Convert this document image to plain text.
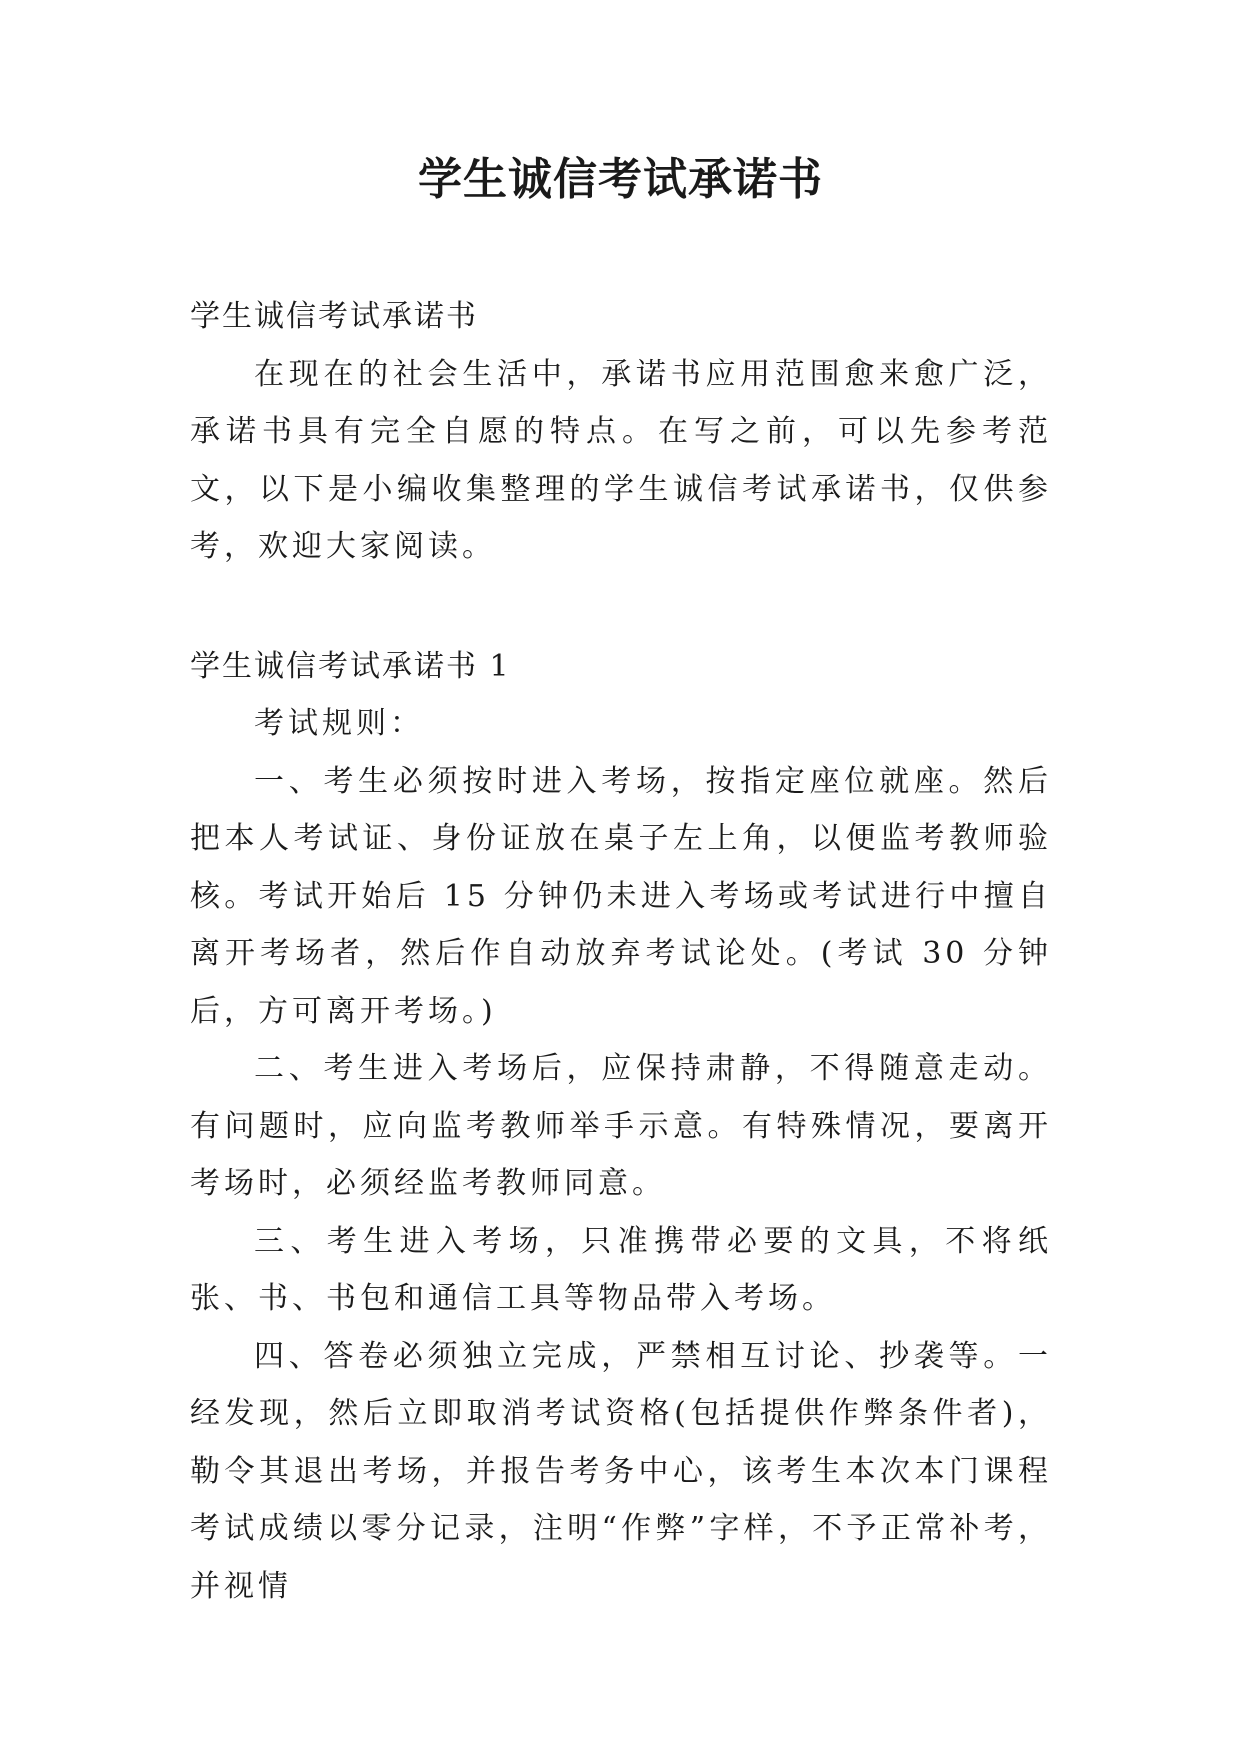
学生诚信考试承诺书

学生诚信考试承诺书

在现在的社会生活中，承诺书应用范围愈来愈广泛，承诺书具有完全自愿的特点。在写之前，可以先参考范文，以下是小编收集整理的学生诚信考试承诺书，仅供参考，欢迎大家阅读。

学生诚信考试承诺书 1

考试规则：

一、考生必须按时进入考场，按指定座位就座。然后把本人考试证、身份证放在桌子左上角，以便监考教师验核。考试开始后 15 分钟仍未进入考场或考试进行中擅自离开考场者，然后作自动放弃考试论处。(考试 30 分钟后，方可离开考场。)

二、考生进入考场后，应保持肃静，不得随意走动。有问题时，应向监考教师举手示意。有特殊情况，要离开考场时，必须经监考教师同意。

三、考生进入考场，只准携带必要的文具，不将纸张、书、书包和通信工具等物品带入考场。

四、答卷必须独立完成，严禁相互讨论、抄袭等。一经发现，然后立即取消考试资格(包括提供作弊条件者)，勒令其退出考场，并报告考务中心，该考生本次本门课程考试成绩以零分记录，注明“作弊”字样，不予正常补考，并视情
